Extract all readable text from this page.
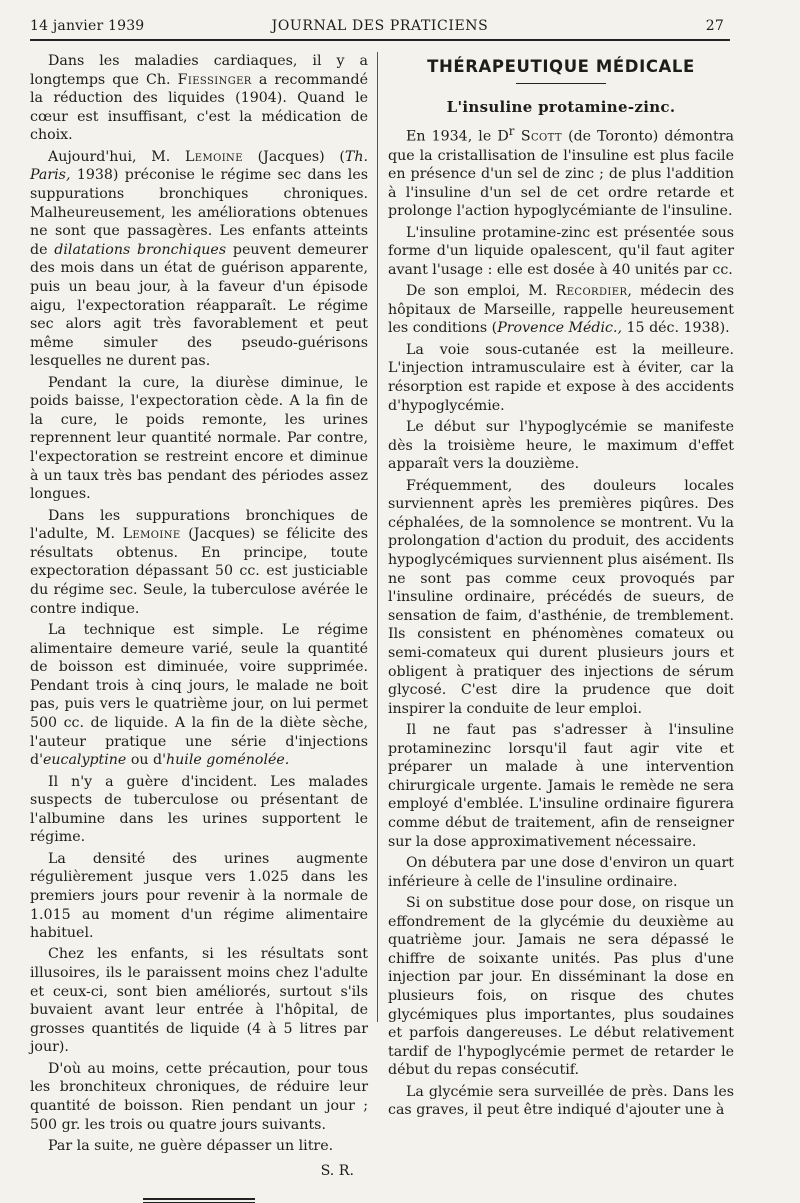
14 janvier 1939	JOURNAL DES PRATICIENS	27

Dans les maladies cardiaques, il y a longtemps que Ch. Fiessinger a recommandé la réduction des liquides (1904). Quand le cœur est insuffisant, c'est la médication de choix.

Aujourd'hui, M. Lemoine (Jacques) (Th. Paris, 1938) préconise le régime sec dans les suppurations bronchiques chroniques. Malheureusement, les améliorations obtenues ne sont que passagères. Les enfants atteints de dilatations bronchiques peuvent demeurer des mois dans un état de guérison apparente, puis un beau jour, à la faveur d'un épisode aigu, l'expectoration réapparaît. Le régime sec alors agit très favorablement et peut même simuler des pseudo-guérisons lesquelles ne durent pas.

Pendant la cure, la diurèse diminue, le poids baisse, l'expectoration cède. A la fin de la cure, le poids remonte, les urines reprennent leur quantité normale. Par contre, l'expectoration se restreint encore et diminue à un taux très bas pendant des périodes assez longues.

Dans les suppurations bronchiques de l'adulte, M. Lemoine (Jacques) se félicite des résultats obtenus. En principe, toute expectoration dépassant 50 cc. est justiciable du régime sec. Seule, la tuberculose avérée le contre indique.

La technique est simple. Le régime alimentaire demeure varié, seule la quantité de boisson est diminuée, voire supprimée. Pendant trois à cinq jours, le malade ne boit pas, puis vers le quatrième jour, on lui permet 500 cc. de liquide. A la fin de la diète sèche, l'auteur pratique une série d'injections d'eucalyptine ou d'huile goménolée.

Il n'y a guère d'incident. Les malades suspects de tuberculose ou présentant de l'albumine dans les urines supportent le régime.

La densité des urines augmente régulièrement jusque vers 1.025 dans les premiers jours pour revenir à la normale de 1.015 au moment d'un régime alimentaire habituel.

Chez les enfants, si les résultats sont illusoires, ils le paraissent moins chez l'adulte et ceux-ci, sont bien améliorés, surtout s'ils buvaient avant leur entrée à l'hôpital, de grosses quantités de liquide (4 à 5 litres par jour).

D'où au moins, cette précaution, pour tous les bronchiteux chroniques, de réduire leur quantité de boisson. Rien pendant un jour ; 500 gr. les trois ou quatre jours suivants.

Par la suite, ne guère dépasser un litre.

S. R.
THÉRAPEUTIQUE MÉDICALE
L'insuline protamine-zinc.

En 1934, le $D^r$ Scott (de Toronto) démontra que la cristallisation de l'insuline est plus facile en présence d'un sel de zinc ; de plus l'addition à l'insuline d'un sel de cet ordre retarde et prolonge l'action hypoglycémiante de l'insuline.

L'insuline protamine-zinc est présentée sous forme d'un liquide opalescent, qu'il faut agiter avant l'usage : elle est dosée à 40 unités par cc.

De son emploi, M. Recordier, médecin des hôpitaux de Marseille, rappelle heureusement les conditions (Provence Médic., 15 déc. 1938).

La voie sous-cutanée est la meilleure. L'injection intramusculaire est à éviter, car la résorption est rapide et expose à des accidents d'hypoglycémie.

Le début sur l'hypoglycémie se manifeste dès la troisième heure, le maximum d'effet apparaît vers la douzième.

Fréquemment, des douleurs locales surviennent après les premières piqûres. Des céphalées, de la somnolence se montrent. Vu la prolongation d'action du produit, des accidents hypoglycémiques surviennent plus aisément. Ils ne sont pas comme ceux provoqués par l'insuline ordinaire, précédés de sueurs, de sensation de faim, d'asthénie, de tremblement. Ils consistent en phénomènes comateux ou semi-comateux qui durent plusieurs jours et obligent à pratiquer des injections de sérum glycosé. C'est dire la prudence que doit inspirer la conduite de leur emploi.

Il ne faut pas s'adresser à l'insuline protaminezinc lorsqu'il faut agir vite et préparer un malade à une intervention chirurgicale urgente. Jamais le remède ne sera employé d'emblée. L'insuline ordinaire figurera comme début de traitement, afin de renseigner sur la dose approximativement nécessaire.

On débutera par une dose d'environ un quart inférieure à celle de l'insuline ordinaire.

Si on substitue dose pour dose, on risque un effondrement de la glycémie du deuxième au quatrième jour. Jamais ne sera dépassé le chiffre de soixante unités. Pas plus d'une injection par jour. En disséminant la dose en plusieurs fois, on risque des chutes glycémiques plus importantes, plus soudaines et parfois dangereuses. Le début relativement tardif de l'hypoglycémie permet de retarder le début du repas consécutif.

La glycémie sera surveillée de près. Dans les cas graves, il peut être indiqué d'ajouter une à
